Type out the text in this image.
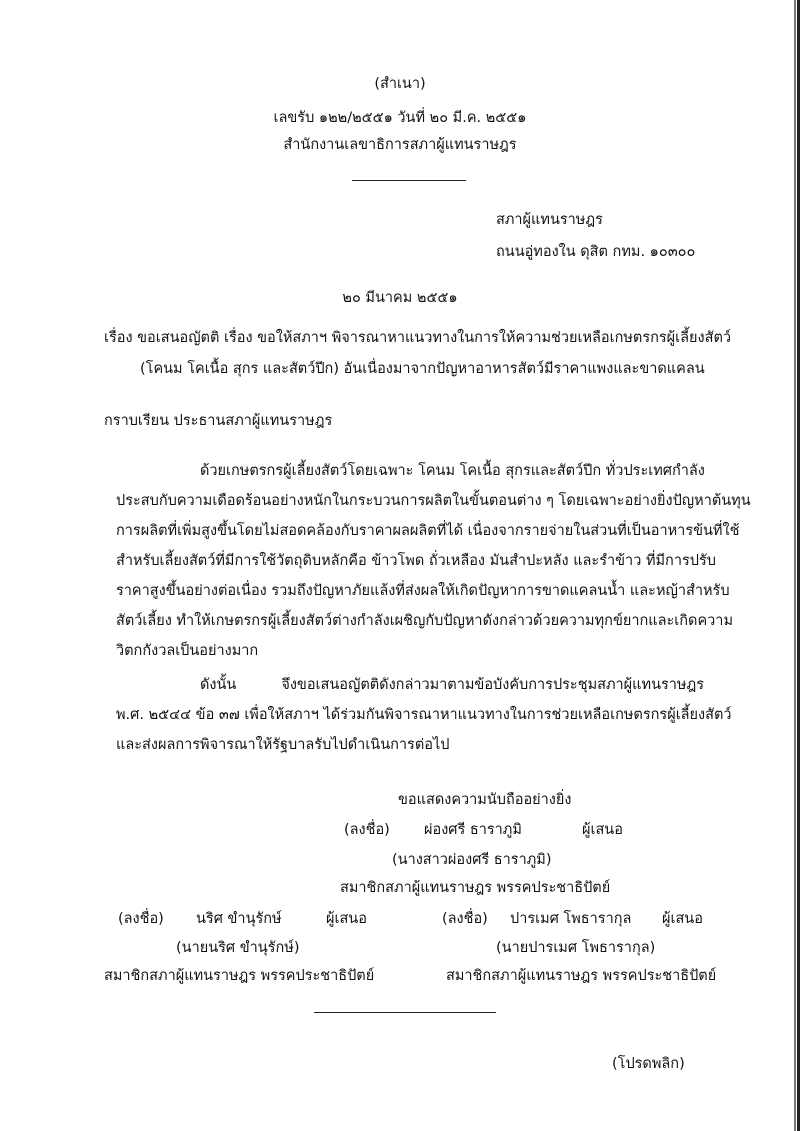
(สำเนา)
เลขรับ ๑๒๒/๒๕๕๑ วันที่ ๒๐ มี.ค. ๒๕๕๑
สำนักงานเลขาธิการสภาผู้แทนราษฎร
สภาผู้แทนราษฎร
ถนนอู่ทองใน ดุสิต กทม. ๑๐๓๐๐
๒๐ มีนาคม ๒๕๕๑
เรื่อง ขอเสนอญัตติ เรื่อง ขอให้สภาฯ พิจารณาหาแนวทางในการให้ความช่วยเหลือเกษตรกรผู้เลี้ยงสัตว์
(โคนม โคเนื้อ สุกร และสัตว์ปีก) อันเนื่องมาจากปัญหาอาหารสัตว์มีราคาแพงและขาดแคลน
กราบเรียน ประธานสภาผู้แทนราษฎร
ด้วยเกษตรกรผู้เลี้ยงสัตว์โดยเฉพาะ โคนม โคเนื้อ สุกรและสัตว์ปีก ทั่วประเทศกำลัง
ประสบกับความเดือดร้อนอย่างหนักในกระบวนการผลิตในขั้นตอนต่าง ๆ โดยเฉพาะอย่างยิ่งปัญหาต้นทุน
การผลิตที่เพิ่มสูงขึ้นโดยไม่สอดคล้องกับราคาผลผลิตที่ได้ เนื่องจากรายจ่ายในส่วนที่เป็นอาหารข้นที่ใช้
สำหรับเลี้ยงสัตว์ที่มีการใช้วัตถุดิบหลักคือ ข้าวโพด ถั่วเหลือง มันสำปะหลัง และรำข้าว ที่มีการปรับ
ราคาสูงขึ้นอย่างต่อเนื่อง รวมถึงปัญหาภัยแล้งที่ส่งผลให้เกิดปัญหาการขาดแคลนน้ำ และหญ้าสำหรับ
สัตว์เลี้ยง ทำให้เกษตรกรผู้เลี้ยงสัตว์ต่างกำลังเผชิญกับปัญหาดังกล่าวด้วยความทุกข์ยากและเกิดความ
วิตกกังวลเป็นอย่างมาก
ดังนั้น จึงขอเสนอญัตติดังกล่าวมาตามข้อบังคับการประชุมสภาผู้แทนราษฎร
พ.ศ. ๒๕๔๔ ข้อ ๓๗ เพื่อให้สภาฯ ได้ร่วมกันพิจารณาหาแนวทางในการช่วยเหลือเกษตรกรผู้เลี้ยงสัตว์
และส่งผลการพิจารณาให้รัฐบาลรับไปดำเนินการต่อไป
ขอแสดงความนับถืออย่างยิ่ง
(ลงชื่อ) ผ่องศรี ธาราภูมิ	ผู้เสนอ
(นางสาวผ่องศรี ธาราภูมิ)
สมาชิกสภาผู้แทนราษฎร พรรคประชาธิปัตย์
(ลงชื่อ) นริศ ขำนุรักษ์	ผู้เสนอ
(นายนริศ ขำนุรักษ์)
สมาชิกสภาผู้แทนราษฎร พรรคประชาธิปัตย์
(ลงชื่อ) ปารเมศ โพธารากุล ผู้เสนอ
(นายปารเมศ โพธารากุล)
สมาชิกสภาผู้แทนราษฎร พรรคประชาธิปัตย์
(โปรดพลิก)
